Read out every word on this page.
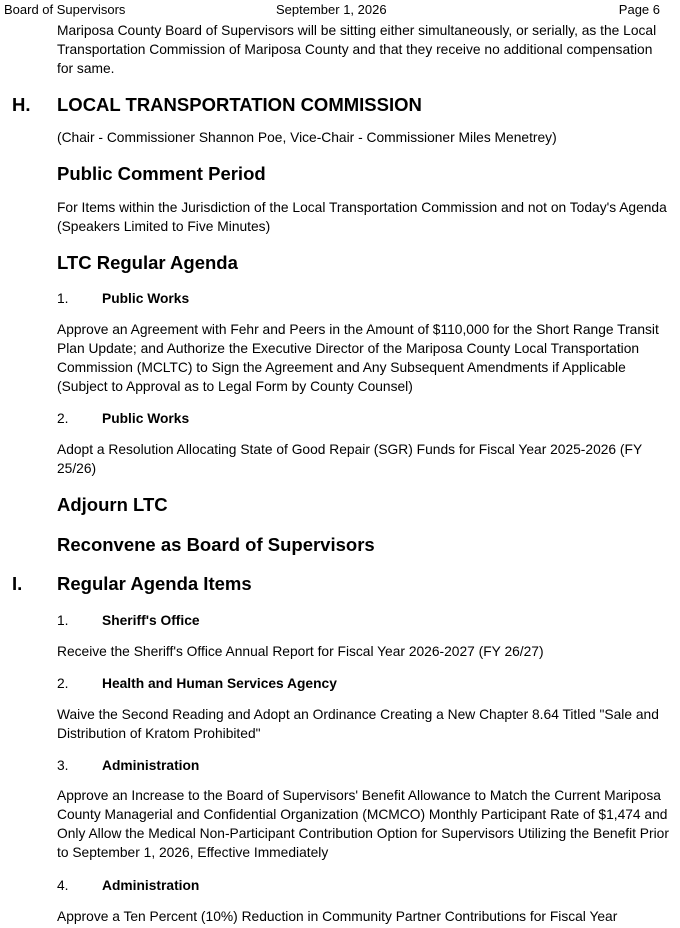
Board of Supervisors	September 1, 2026	Page 6
Mariposa County Board of Supervisors will be sitting either simultaneously, or serially, as the Local Transportation Commission of Mariposa County and that they receive no additional compensation for same.
H. LOCAL TRANSPORTATION COMMISSION
(Chair - Commissioner Shannon Poe, Vice-Chair - Commissioner Miles Menetrey)
Public Comment Period
For Items within the Jurisdiction of the Local Transportation Commission and not on Today's Agenda (Speakers Limited to Five Minutes)
LTC Regular Agenda
1. Public Works
Approve an Agreement with Fehr and Peers in the Amount of $110,000 for the Short Range Transit Plan Update; and Authorize the Executive Director of the Mariposa County Local Transportation Commission (MCLTC) to Sign the Agreement and Any Subsequent Amendments if Applicable (Subject to Approval as to Legal Form by County Counsel)
2. Public Works
Adopt a Resolution Allocating State of Good Repair (SGR) Funds for Fiscal Year 2025-2026 (FY 25/26)
Adjourn LTC
Reconvene as Board of Supervisors
I. Regular Agenda Items
1. Sheriff's Office
Receive the Sheriff's Office Annual Report for Fiscal Year 2026-2027 (FY 26/27)
2. Health and Human Services Agency
Waive the Second Reading and Adopt an Ordinance Creating a New Chapter 8.64 Titled "Sale and Distribution of Kratom Prohibited"
3. Administration
Approve an Increase to the Board of Supervisors' Benefit Allowance to Match the Current Mariposa County Managerial and Confidential Organization (MCMCO) Monthly Participant Rate of $1,474 and Only Allow the Medical Non-Participant Contribution Option for Supervisors Utilizing the Benefit Prior to September 1, 2026, Effective Immediately
4. Administration
Approve a Ten Percent (10%) Reduction in Community Partner Contributions for Fiscal Year
